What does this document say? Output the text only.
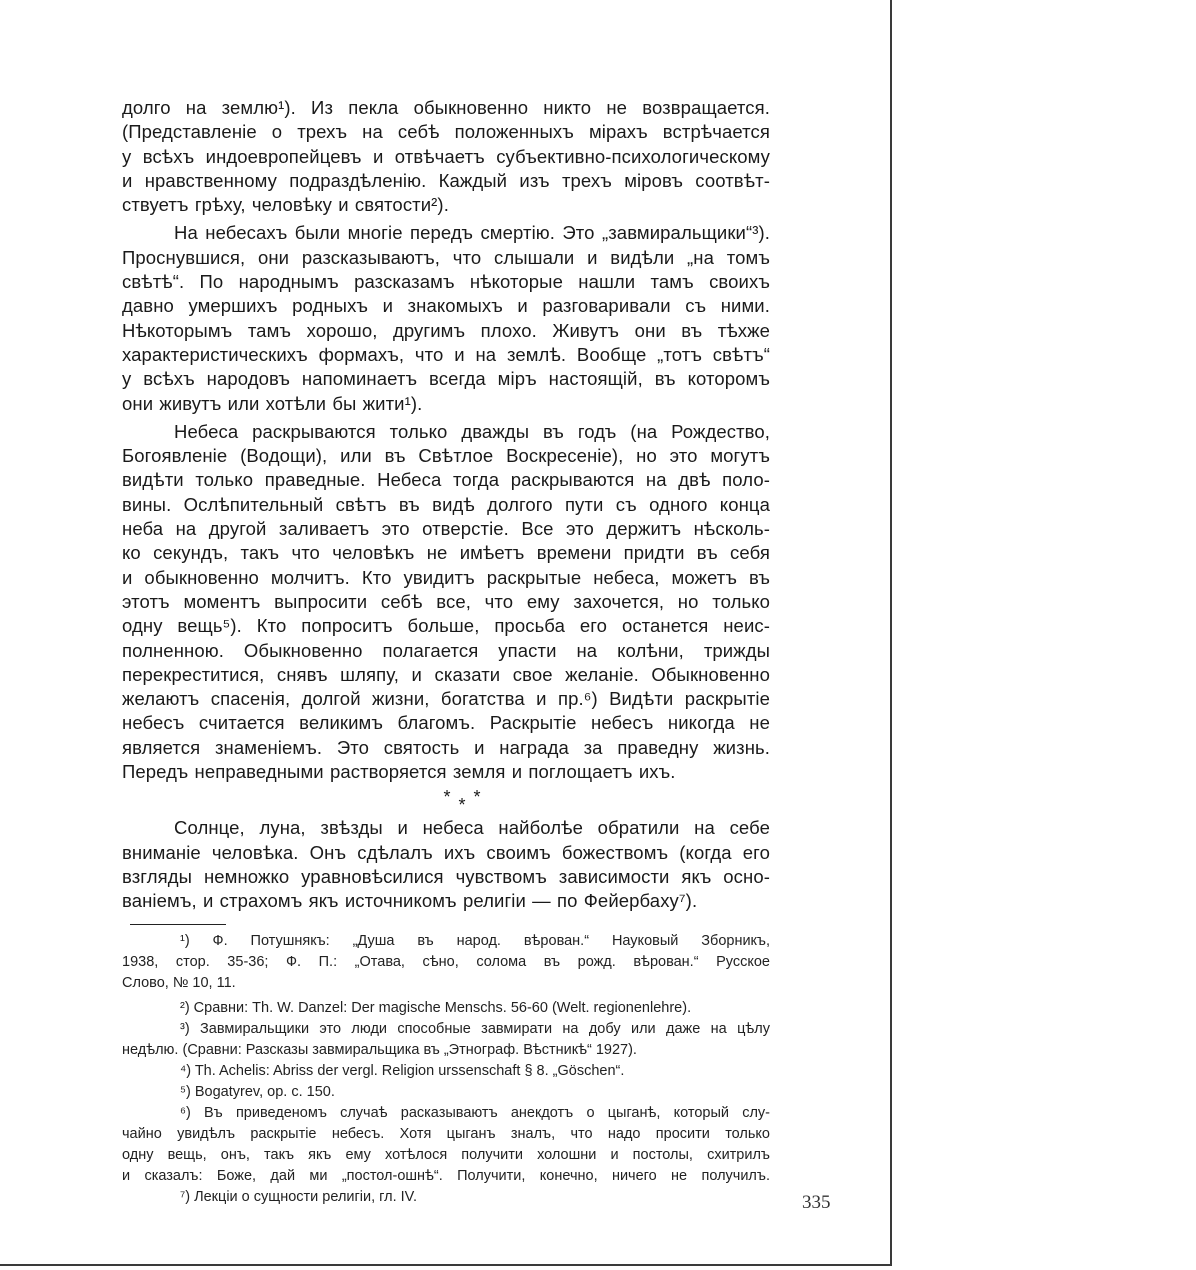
долго на землю¹). Из пекла обыкновенно никто не возвращается.
(Представленіе о трехъ на себѣ положенныхъ мірахъ встрѣчается
у всѣхъ индоевропейцевъ и отвѣчаетъ субъективно-психологическому
и нравственному подраздѣленію. Каждый изъ трехъ міровъ соотвѣт-
ствуетъ грѣху, человѣку и святости²).

На небесахъ были многіе передъ смертію. Это „завмиральщики“³).
Проснувшися, они разсказываютъ, что слышали и видѣли „на томъ
свѣтѣ“. По народнымъ разсказамъ нѣкоторые нашли тамъ своихъ
давно умершихъ родныхъ и знакомыхъ и разговаривали съ ними.
Нѣкоторымъ тамъ хорошо, другимъ плохо. Живутъ они въ тѣхже
характеристическихъ формахъ, что и на землѣ. Вообще „тотъ свѣтъ“
у всѣхъ народовъ напоминаетъ всегда міръ настоящій, въ которомъ
они живутъ или хотѣли бы жити¹).

Небеса раскрываются только дважды въ годъ (на Рождество,
Богоявленіе (Водощи), или въ Свѣтлое Воскресеніе), но это могутъ
видѣти только праведные. Небеса тогда раскрываются на двѣ поло-
вины. Ослѣпительный свѣтъ въ видѣ долгого пути съ одного конца
неба на другой заливаетъ это отверстіе. Все это держитъ нѣсколь-
ко секундъ, такъ что человѣкъ не имѣетъ времени придти въ себя
и обыкновенно молчитъ. Кто увидитъ раскрытые небеса, можетъ въ
этотъ моментъ выпросити себѣ все, что ему захочется, но только
одну вещь⁵). Кто попроситъ больше, просьба его останется неис-
полненною. Обыкновенно полагается упасти на колѣни, трижды
перекреститися, снявъ шляпу, и сказати свое желаніе. Обыкновенно
желаютъ спасенія, долгой жизни, богатства и пр.⁶) Видѣти раскрытіе
небесъ считается великимъ благомъ. Раскрытіе небесъ никогда не
является знаменіемъ. Это святость и награда за праведну жизнь.
Передъ неправедными растворяется земля и поглощаетъ ихъ.

***

Солнце, луна, звѣзды и небеса найболѣе обратили на себе
вниманіе человѣка. Онъ сдѣлалъ ихъ своимъ божествомъ (когда его
взгляды немножко уравновѣсилися чувствомъ зависимости якъ осно-
ваніемъ, и страхомъ якъ источникомъ религіи — по Фейербаху⁷).

¹) Ф. Потушнякъ: „Душа въ народ. вѣрован.“ Науковый Зборникъ,
1938, стор. 35-36; Ф. П.: „Отава, сѣно, солома въ рожд. вѣрован.“ Русское
Слово, № 10, 11.
²) Сравни: Th. W. Danzel: Der magische Menschs. 56-60 (Welt. regionenlehre).
³) Завмиральщики это люди способные завмирати на добу или даже на цѣлу
недѣлю. (Сравни: Разсказы завмиральщика въ „Этнограф. Вѣстникѣ“ 1927).
⁴) Th. Achelis: Abriss der vergl. Religion urssenschaft § 8. „Göschen“.
⁵) Bogatyrev, op. c. 150.
⁶) Въ приведеномъ случаѣ расказываютъ анекдотъ о цыганѣ, который слу-
чайно увидѣлъ раскрытіе небесъ. Хотя цыганъ зналъ, что надо просити только
одну вещь, онъ, такъ якъ ему хотѣлося получити холошни и постолы, схитрилъ
и сказалъ: Боже, дай ми „постол-ошнѣ“. Получити, конечно, ничего не получилъ.
⁷) Лекціи о сущности религіи, гл. IV.	335
